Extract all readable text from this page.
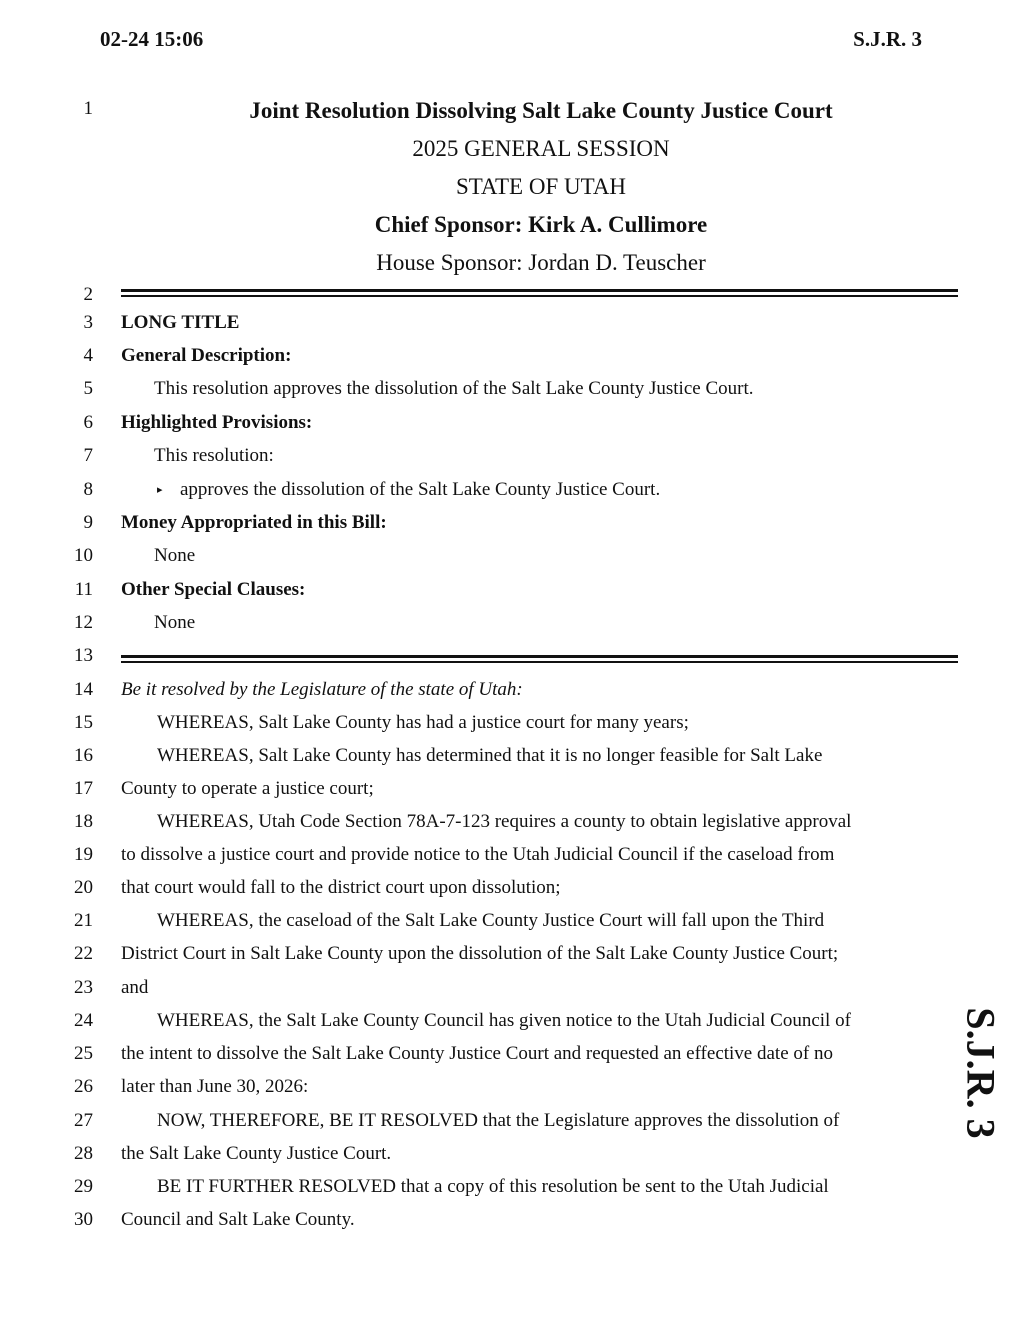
02-24 15:06	S.J.R. 3
1
2
3
4
5
6
7
8
9
10
11
12
13
14
15
16
17
18
19
20
21
22
23
24
25
26
27
28
29
30
Joint Resolution Dissolving Salt Lake County Justice Court
2025 GENERAL SESSION
STATE OF UTAH
Chief Sponsor: Kirk A. Cullimore
House Sponsor: Jordan D. Teuscher
LONG TITLE
General Description:
This resolution approves the dissolution of the Salt Lake County Justice Court.
Highlighted Provisions:
This resolution:
▸ approves the dissolution of the Salt Lake County Justice Court.
Money Appropriated in this Bill:
None
Other Special Clauses:
None
Be it resolved by the Legislature of the state of Utah:
WHEREAS, Salt Lake County has had a justice court for many years;
WHEREAS, Salt Lake County has determined that it is no longer feasible for Salt Lake
County to operate a justice court;
WHEREAS, Utah Code Section 78A-7-123 requires a county to obtain legislative approval
to dissolve a justice court and provide notice to the Utah Judicial Council if the caseload from
that court would fall to the district court upon dissolution;
WHEREAS, the caseload of the Salt Lake County Justice Court will fall upon the Third
District Court in Salt Lake County upon the dissolution of the Salt Lake County Justice Court;
and
WHEREAS, the Salt Lake County Council has given notice to the Utah Judicial Council of
the intent to dissolve the Salt Lake County Justice Court and requested an effective date of no
later than June 30, 2026:
NOW, THEREFORE, BE IT RESOLVED that the Legislature approves the dissolution of
the Salt Lake County Justice Court.
BE IT FURTHER RESOLVED that a copy of this resolution be sent to the Utah Judicial
Council and Salt Lake County.
S.J.R. 3
